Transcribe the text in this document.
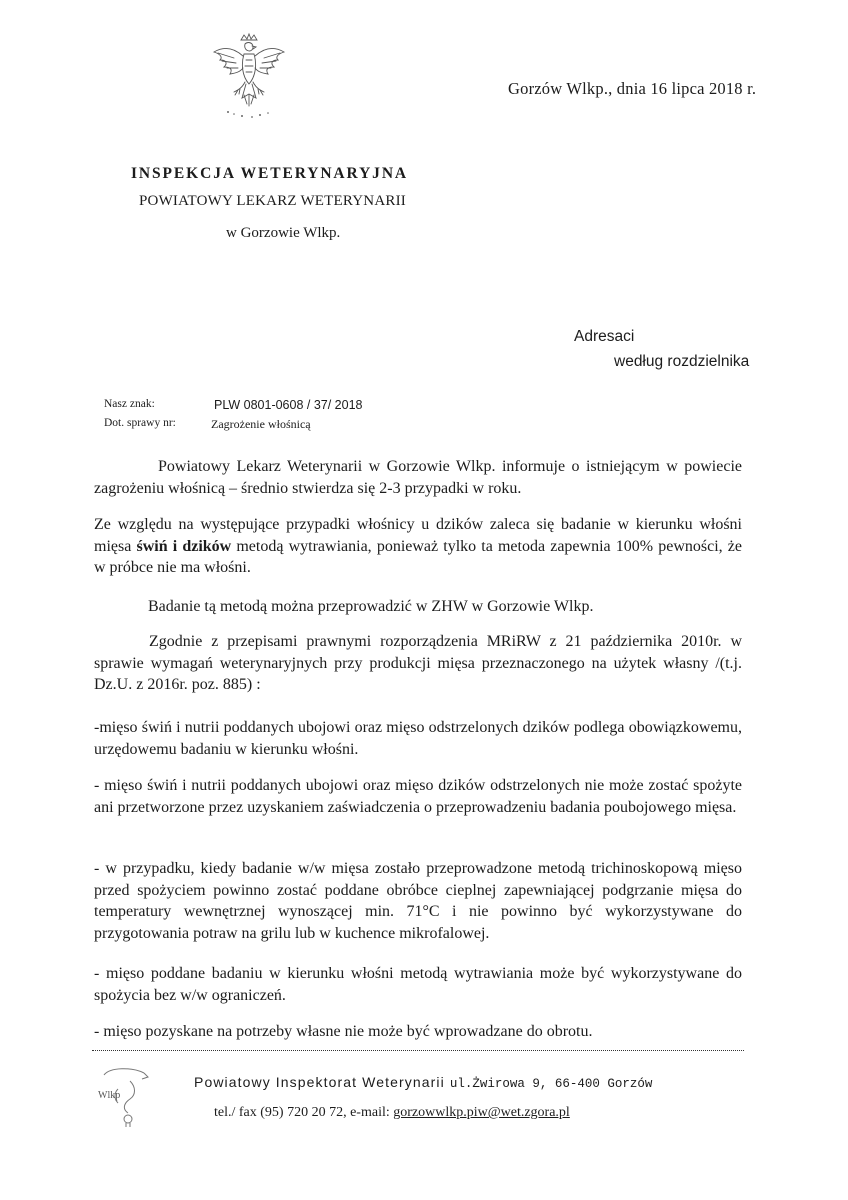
Gorzów Wlkp., dnia 16 lipca 2018 r.
INSPEKCJA WETERYNARYJNA
POWIATOWY LEKARZ WETERYNARII
w Gorzowie Wlkp.
Adresaci
według rozdzielnika
Nasz znak:	PLW 0801-0608 / 37/ 2018
Dot. sprawy nr:	Zagrożenie włośnicą

Powiatowy Lekarz Weterynarii w Gorzowie Wlkp. informuje o istniejącym w powiecie zagrożeniu włośnicą – średnio stwierdza się 2-3 przypadki w roku.

Ze względu na występujące przypadki włośnicy u dzików zaleca się badanie w kierunku włośni mięsa świń i dzików metodą wytrawiania, ponieważ tylko ta metoda zapewnia 100% pewności, że w próbce nie ma włośni.

Badanie tą metodą można przeprowadzić w ZHW w Gorzowie Wlkp.

Zgodnie z przepisami prawnymi rozporządzenia MRiRW z 21 października 2010r. w sprawie wymagań weterynaryjnych przy produkcji mięsa przeznaczonego na użytek własny /(t.j. Dz.U. z 2016r. poz. 885) :

-mięso świń i nutrii poddanych ubojowi oraz mięso odstrzelonych dzików podlega obowiązkowemu, urzędowemu badaniu w kierunku włośni.

- mięso świń i nutrii poddanych ubojowi oraz mięso dzików odstrzelonych nie może zostać spożyte ani przetworzone przez uzyskaniem zaświadczenia o przeprowadzeniu badania poubojowego mięsa.

- w przypadku, kiedy badanie w/w mięsa zostało przeprowadzone metodą trichinoskopową mięso przed spożyciem powinno zostać poddane obróbce cieplnej zapewniającej podgrzanie mięsa do temperatury wewnętrznej wynoszącej min. 71°C i nie powinno być wykorzystywane do przygotowania potraw na grilu lub w kuchence mikrofalowej.

- mięso poddane badaniu w kierunku włośni metodą wytrawiania może być wykorzystywane do spożycia bez w/w ograniczeń.

- mięso pozyskane na potrzeby własne nie może być wprowadzane do obrotu.

Wlkp
Powiatowy Inspektorat Weterynarii ul.Żwirowa 9, 66-400 Gorzów
tel./ fax (95) 720 20 72, e-mail: gorzowwlkp.piw@wet.zgora.pl
